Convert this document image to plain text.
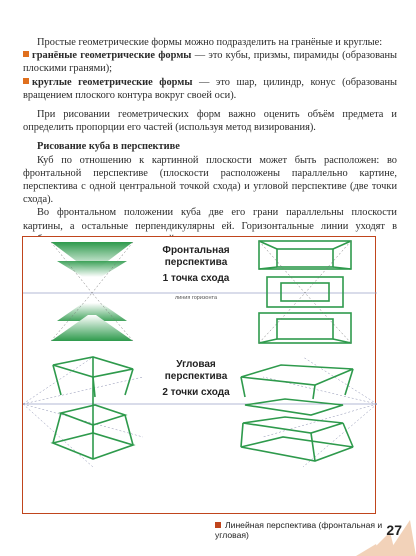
Простые геометрические формы можно подразделить на гранёные и круглые:

гранёные геометрические формы — это кубы, призмы, пирамиды (образованы плоскими гранями);

круглые геометрические формы — это шар, цилиндр, конус (образованы вращением плоского контура вокруг своей оси).

При рисовании геометрических форм важно оценить объём предмета и определить пропорции его частей (используя метод визирования).

Рисование куба в перспективе

Куб по отношению к картинной плоскости может быть расположен: во фронтальной перспективе (плоскости расположены параллельно картине, перспектива с одной центральной точкой схода) и угловой перспективе (две точки схода).

Во фронтальном положении куба две его грани параллельны плоскости картины, а остальные перпендикулярны ей. Горизонтальные линии уходят в

Фронтальная
перспектива
1 точка схода
линия горизонта
Угловая
перспектива
2 точки схода
Линейная перспектива (фронтальная и угловая)	27
